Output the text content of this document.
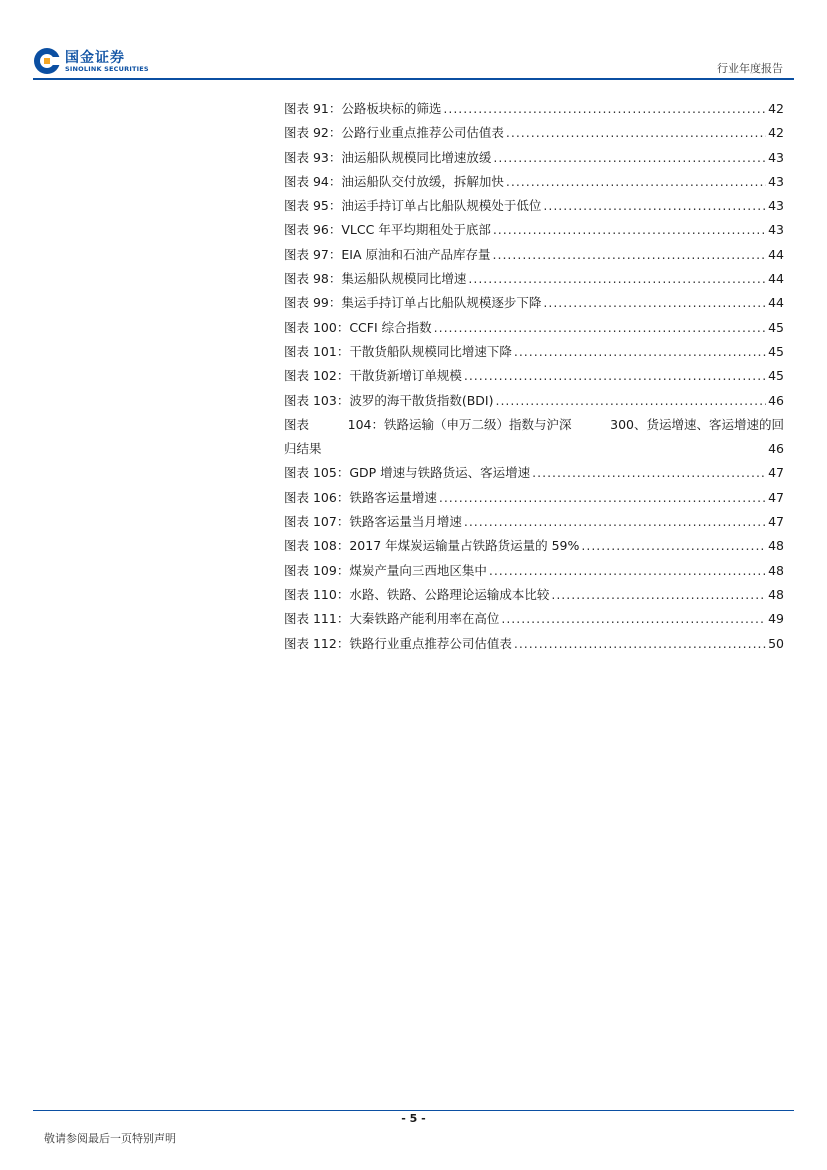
国金证券
SINOLINK SECURITIES	行业年度报告
图表 91：公路板块标的筛选 .....	42
图表 92：公路行业重点推荐公司估值表 .....	42
图表 93：油运船队规模同比增速放缓 .....	43
图表 94：油运船队交付放缓，拆解加快 .....	43
图表 95：油运手持订单占比船队规模处于低位 .....	43
图表 96：VLCC 年平均期租处于底部 .....	43
图表 97：EIA 原油和石油产品库存量 .....	44
图表 98：集运船队规模同比增速 .....	44
图表 99：集运手持订单占比船队规模逐步下降 .....	44
图表 100：CCFI 综合指数 .....	45
图表 101：干散货船队规模同比增速下降 .....	45
图表 102：干散货新增订单规模 .....	45
图表 103：波罗的海干散货指数(BDI) .....	46
图表	104：铁路运输（申万二级）指数与沪深	300、货运增速、客运增速的回
归结果	46
图表 105：GDP 增速与铁路货运、客运增速 .....	47
图表 106：铁路客运量增速 .....	47
图表 107：铁路客运量当月增速 .....	47
图表 108：2017 年煤炭运输量占铁路货运量的 59% .....	48
图表 109：煤炭产量向三西地区集中 .....	48
图表 110：水路、铁路、公路理论运输成本比较 .....	48
图表 111：大秦铁路产能利用率在高位 .....	49
图表 112：铁路行业重点推荐公司估值表 .....	50
- 5 -
敬请参阅最后一页特别声明
